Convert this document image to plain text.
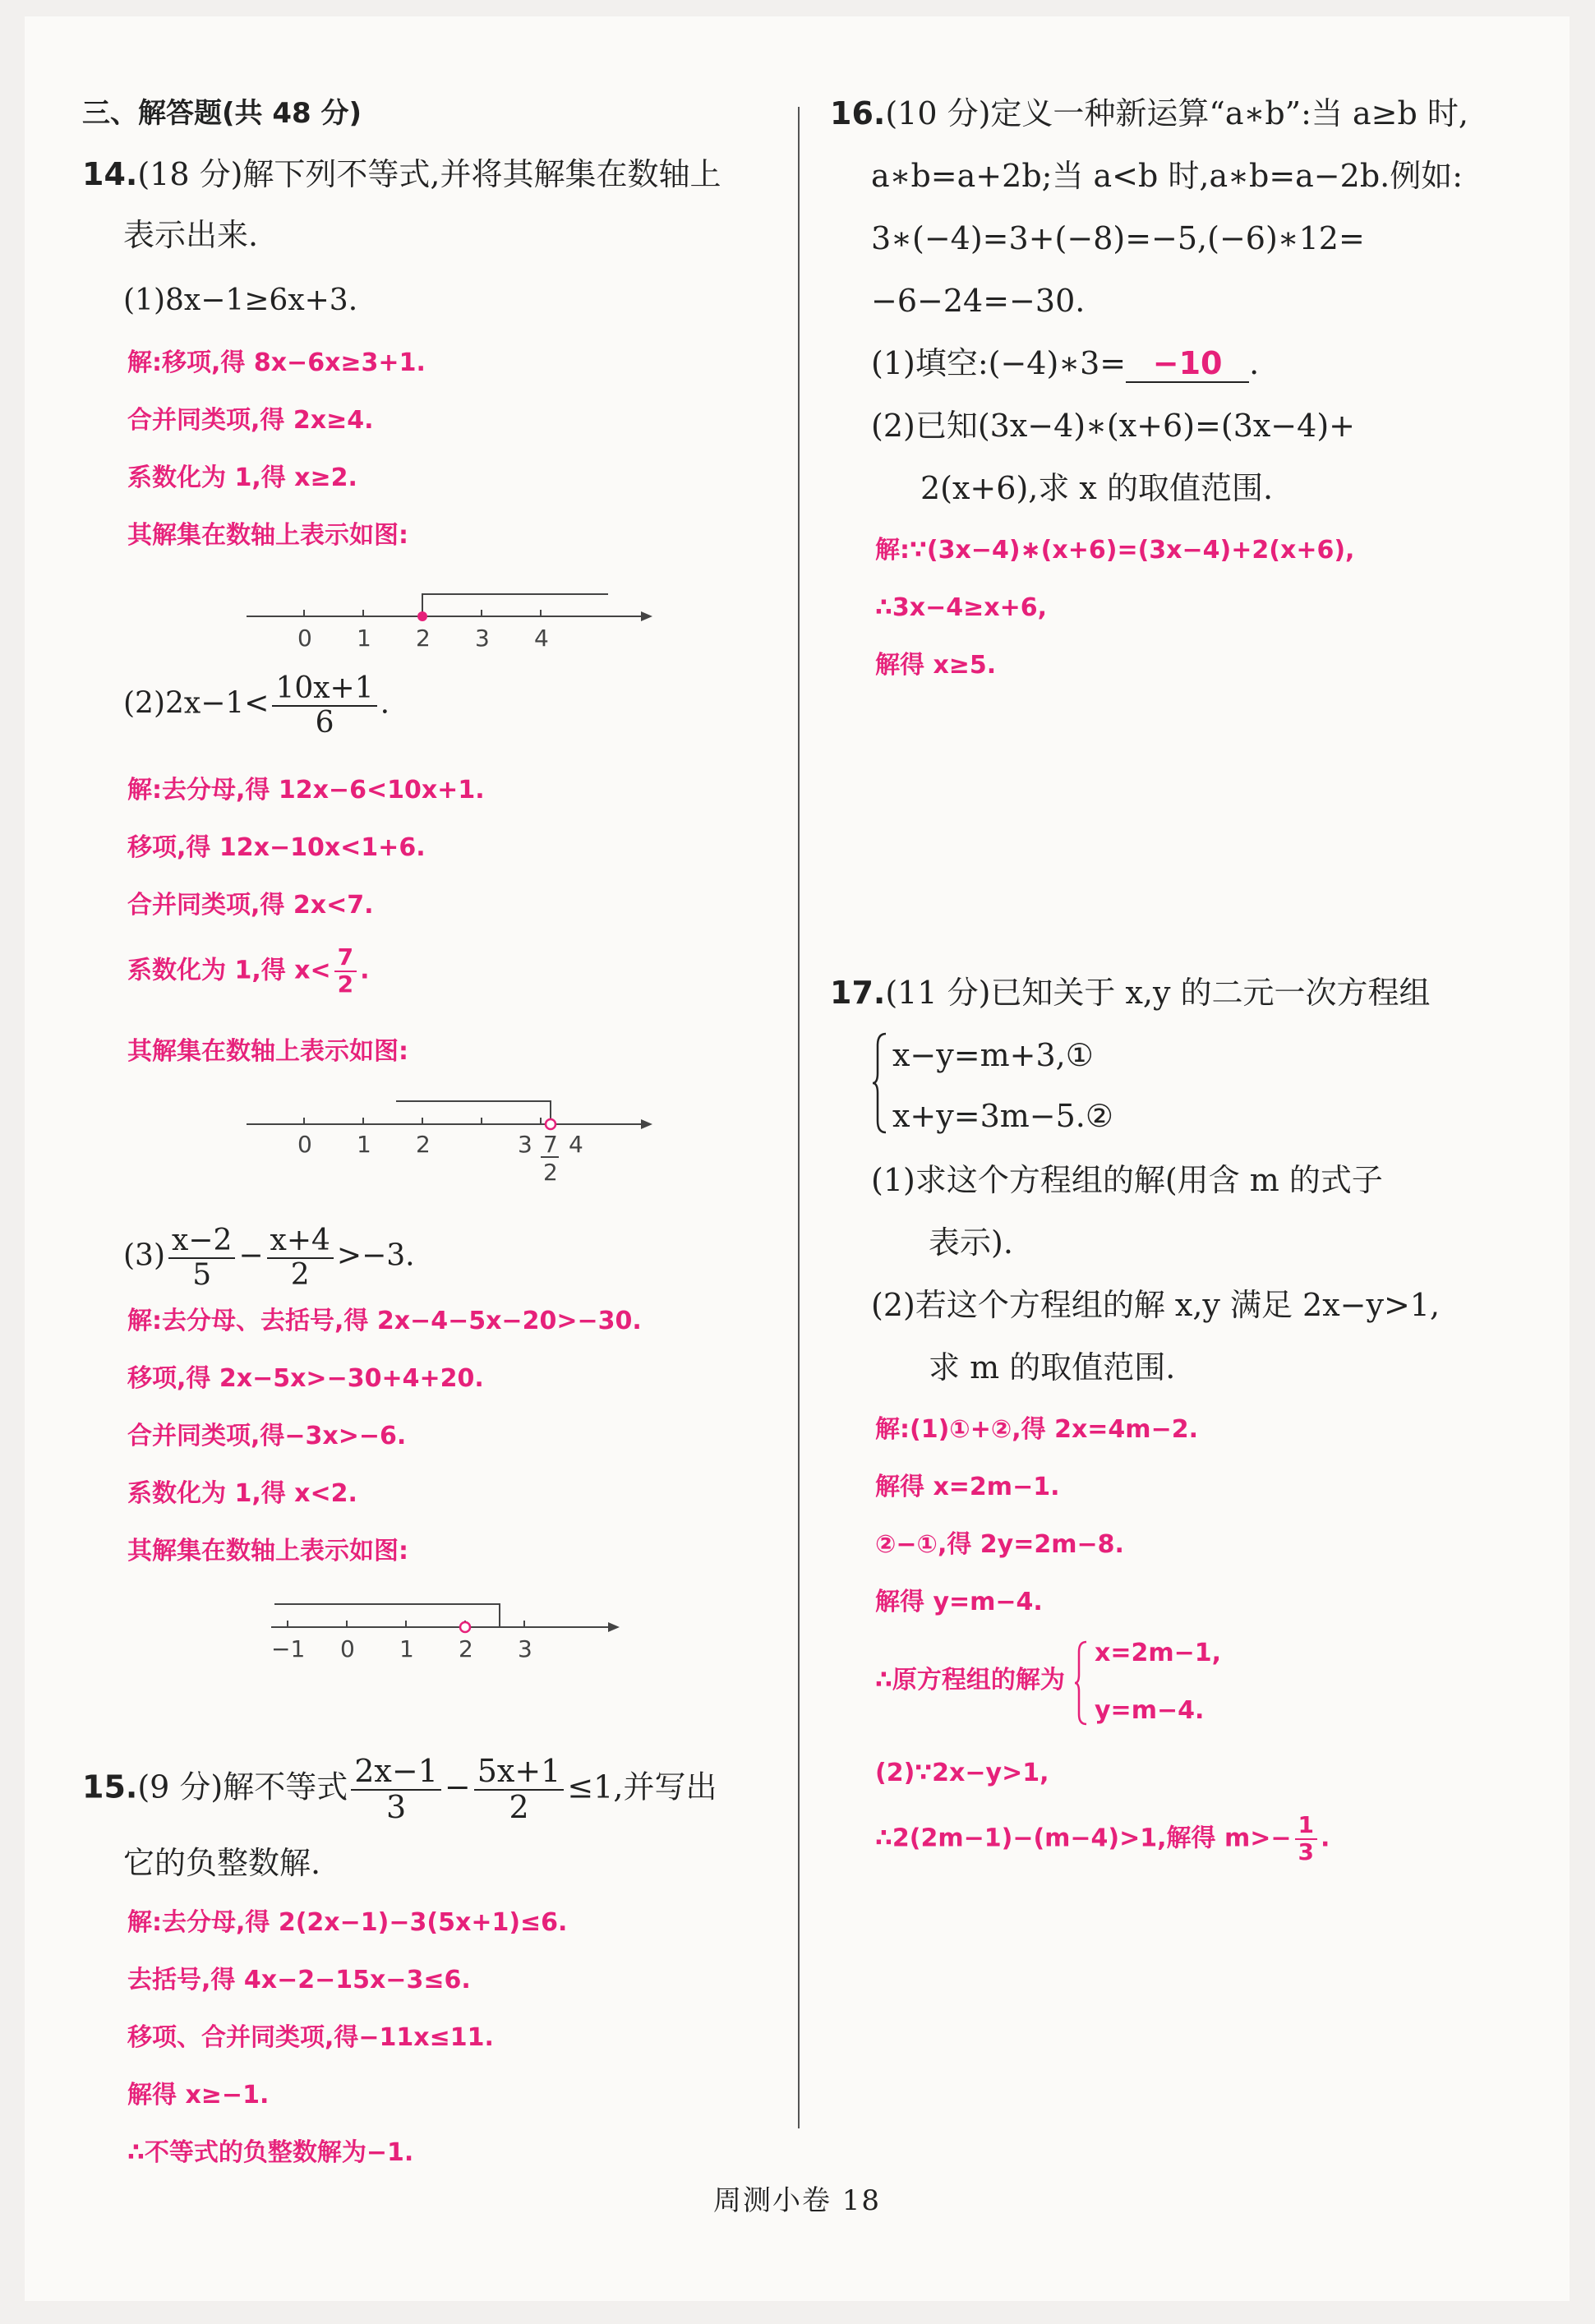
三、解答题(共 48 分)
14.(18 分)解下列不等式,并将其解集在数轴上
表示出来.
(1)8x−1≥6x+3.
解:移项,得 8x−6x≥3+1.
合并同类项,得 2x≥4.
系数化为 1,得 x≥2.
其解集在数轴上表示如图:
0 1 2 3 4
$(2)2x-1< \frac{10x+1}{6}$ .
解:去分母,得 12x−6<10x+1.
移项,得 12x−10x<1+6.
合并同类项,得 2x<7.
系数化为 1,得 $x< \frac{7}{2}$ .
其解集在数轴上表示如图:
0 1 2	3 4
7
2
$(3) \frac{x-2}{5} - \frac{x+4}{2} >-3$.
解:去分母、去括号,得 2x−4−5x−20>−30.
移项,得 2x−5x>−30+4+20.
合并同类项,得−3x>−6.
系数化为 1,得 x<2.
其解集在数轴上表示如图:
−1 0 1 2 3
15.(9 分)解不等式 $\frac{2x-1}{3} - \frac{5x+1}{2} \le 1$,并写出
它的负整数解.
解:去分母,得 2(2x−1)−3(5x+1)≤6.
去括号,得 4x−2−15x−3≤6.
移项、合并同类项,得−11x≤11.
解得 x≥−1.
∴不等式的负整数解为−1.
16.(10 分)定义一种新运算“a∗b”:当 a≥b 时,
a∗b=a+2b;当 a<b 时,a∗b=a−2b.例如:
3∗(−4)=3+(−8)=−5,(−6)∗12=
−6−24=−30.
(1)填空:(−4)∗3= −10 .
(2)已知(3x−4)∗(x+6)=(3x−4)+
2(x+6),求 x 的取值范围.
解:∵(3x−4)∗(x+6)=(3x−4)+2(x+6),
∴3x−4≥x+6,
解得 x≥5.
17.(11 分)已知关于 x,y 的二元一次方程组
x−y=m+3,①
x+y=3m−5.②
(1)求这个方程组的解(用含 m 的式子
表示).
(2)若这个方程组的解 x,y 满足 2x−y>1,
求 m 的取值范围.
解:(1)①+②,得 2x=4m−2.
解得 x=2m−1.
②−①,得 2y=2m−8.
解得 y=m−4.
∴原方程组的解为
x=2m−1,
y=m−4.
(2)∵2x−y>1,
∴2(2m−1)−(m−4)>1,解得 $m>- \frac{1}{3}$ .
周测小卷 18
